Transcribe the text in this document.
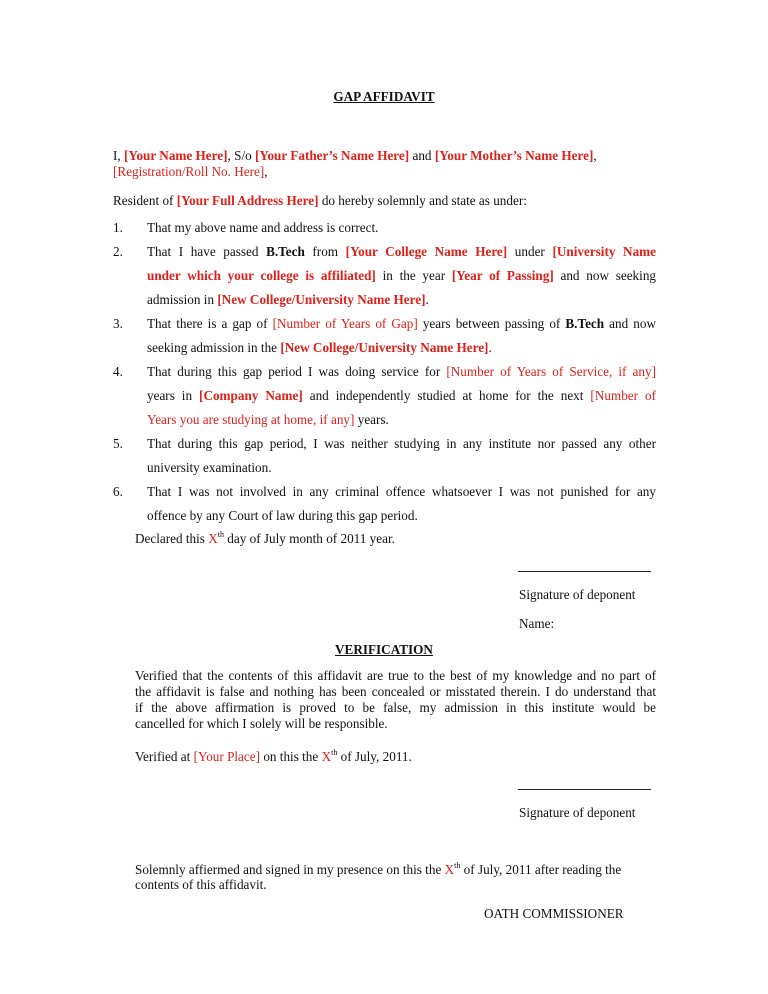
GAP AFFIDAVIT
I, [Your Name Here], S/o [Your Father’s Name Here] and [Your Mother’s Name Here],
[Registration/Roll No. Here],
Resident of [Your Full Address Here] do hereby solemnly and state as under:
1. That my above name and address is correct.
2. That I have passed B.Tech from [Your College Name Here] under [University Name
under which your college is affiliated] in the year [Year of Passing] and now seeking
admission in [New College/University Name Here].
3. That there is a gap of [Number of Years of Gap] years between passing of B.Tech and now
seeking admission in the [New College/University Name Here].
4. That during this gap period I was doing service for [Number of Years of Service, if any]
years in [Company Name] and independently studied at home for the next [Number of
Years you are studying at home, if any] years.
5. That during this gap period, I was neither studying in any institute nor passed any other
university examination.
6. That I was not involved in any criminal offence whatsoever I was not punished for any
offence by any Court of law during this gap period.
Declared this Xth day of July month of 2011 year.
Signature of deponent
Name:
VERIFICATION
Verified that the contents of this affidavit are true to the best of my knowledge and no part of
the affidavit is false and nothing has been concealed or misstated therein. I do understand that
if the above affirmation is proved to be false, my admission in this institute would be
cancelled for which I solely will be responsible.
Verified at [Your Place] on this the Xth of July, 2011.
Signature of deponent
Solemnly affiermed and signed in my presence on this the Xth of July, 2011 after reading the
contents of this affidavit.
OATH COMMISSIONER
